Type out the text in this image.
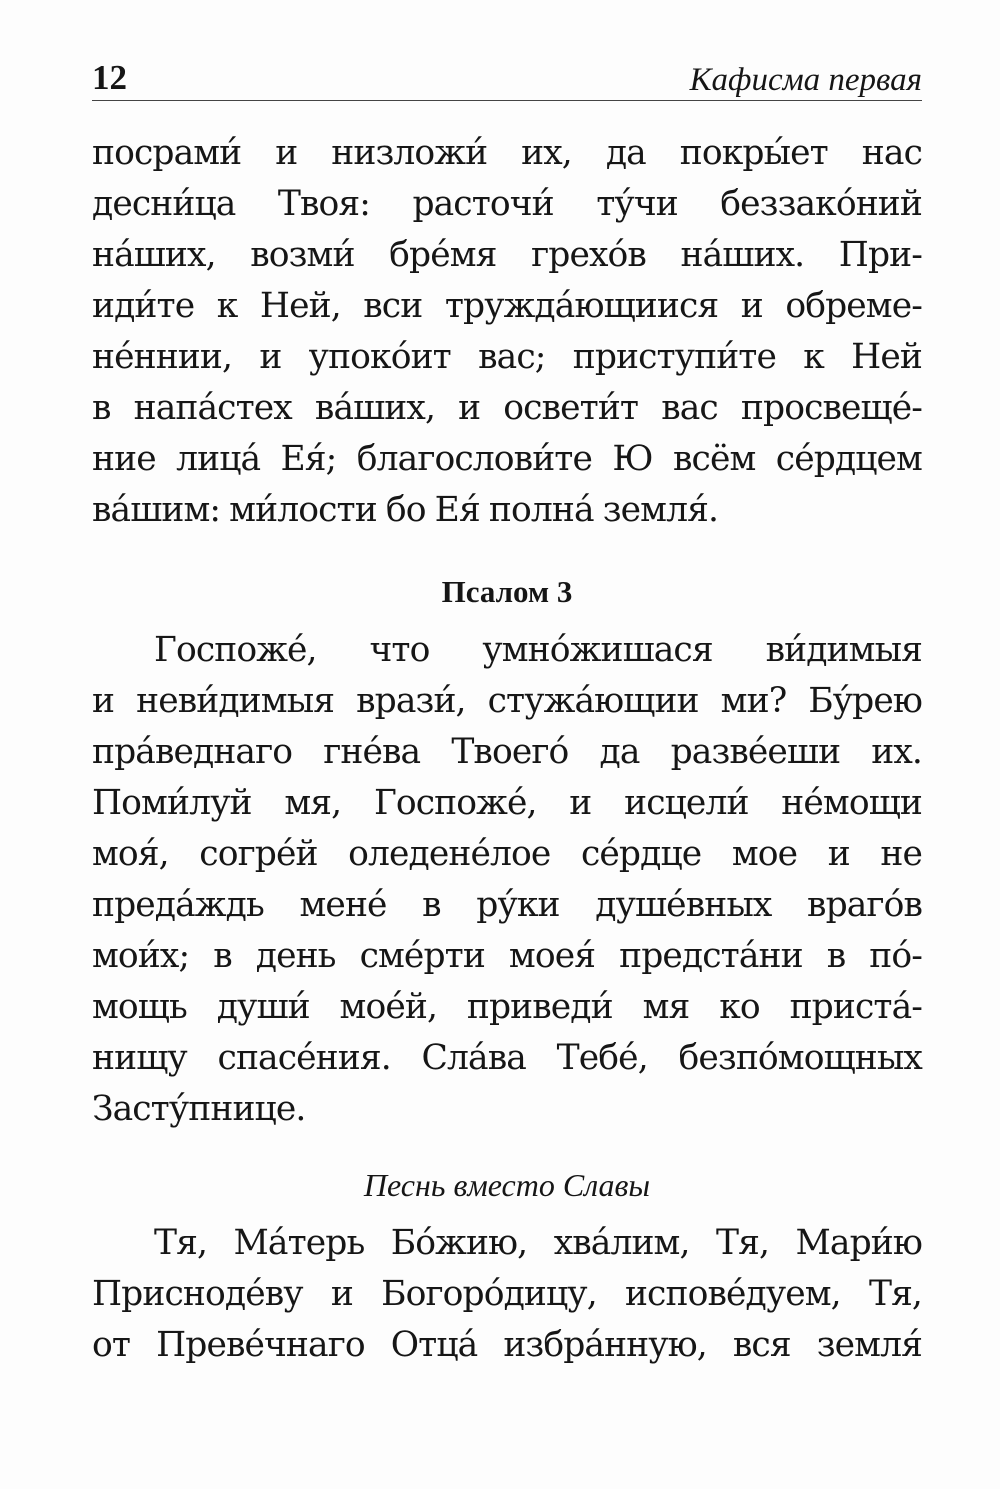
12	Кафисма первая
посрами́ и низложи́ их, да покры́ет нас
десни́ца Твоя: расточи́ ту́чи беззако́ний
на́ших, возми́ бре́мя грехо́в на́ших. При-
иди́те к Ней, вси тружда́ющиися и обреме-
не́ннии, и упоко́ит вас; приступи́те к Ней
в напа́стех ва́ших, и освети́т вас просвеще́-
ние лица́ Ея́; благослови́те Ю всём се́рдцем
ва́шим: ми́лости бо Ея́ полна́ земля́.
Псалом 3
Госпоже́, что умно́жишася ви́димыя
и неви́димыя врази́, стужа́ющии ми? Бу́рею
пра́веднаго гне́ва Твоего́ да разве́еши их.
Поми́луй мя, Госпоже́, и исцели́ не́мощи
моя́, согре́й оледене́лое се́рдце мое и не
преда́ждь мене́ в ру́ки душе́вных враго́в
мои́х; в день сме́рти моея́ предста́ни в по́-
мощь души́ мое́й, приведи́ мя ко приста́-
нищу спасе́ния. Сла́ва Тебе́, безпо́мощных
Засту́пнице.
Песнь вместо Славы
Тя, Ма́терь Бо́жию, хва́лим, Тя, Мари́ю
Присноде́ву и Богоро́дицу, испове́дуем, Тя,
от Преве́чнаго Отца́ избра́нную, вся земля́
